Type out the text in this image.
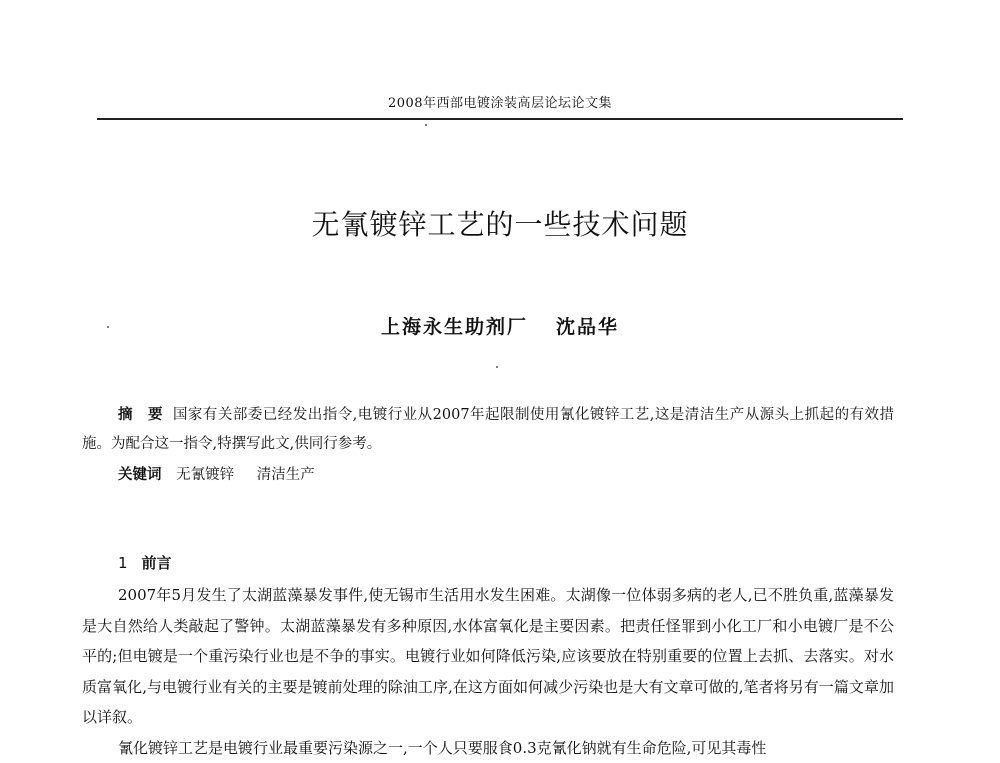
2008年西部电镀涂装高层论坛论文集
无氰镀锌工艺的一些技术问题
上海永生助剂厂 沈品华
摘　要 国家有关部委已经发出指令,电镀行业从2007年起限制使用氰化镀锌工艺,这是清洁生产从源头上抓起的有效措施。为配合这一指令,特撰写此文,供同行参考。
关键词 无氰镀锌 清洁生产
1 前言

2007年5月发生了太湖蓝藻暴发事件,使无锡市生活用水发生困难。太湖像一位体弱多病的老人,已不胜负重,蓝藻暴发是大自然给人类敲起了警钟。太湖蓝藻暴发有多种原因,水体富氧化是主要因素。把责任怪罪到小化工厂和小电镀厂是不公平的;但电镀是一个重污染行业也是不争的事实。电镀行业如何降低污染,应该要放在特别重要的位置上去抓、去落实。对水质富氧化,与电镀行业有关的主要是镀前处理的除油工序,在这方面如何减少污染也是大有文章可做的,笔者将另有一篇文章加以详叙。

氰化镀锌工艺是电镀行业最重要污染源之一,一个人只要服食0.3克氰化钠就有生命危险,可见其毒性
